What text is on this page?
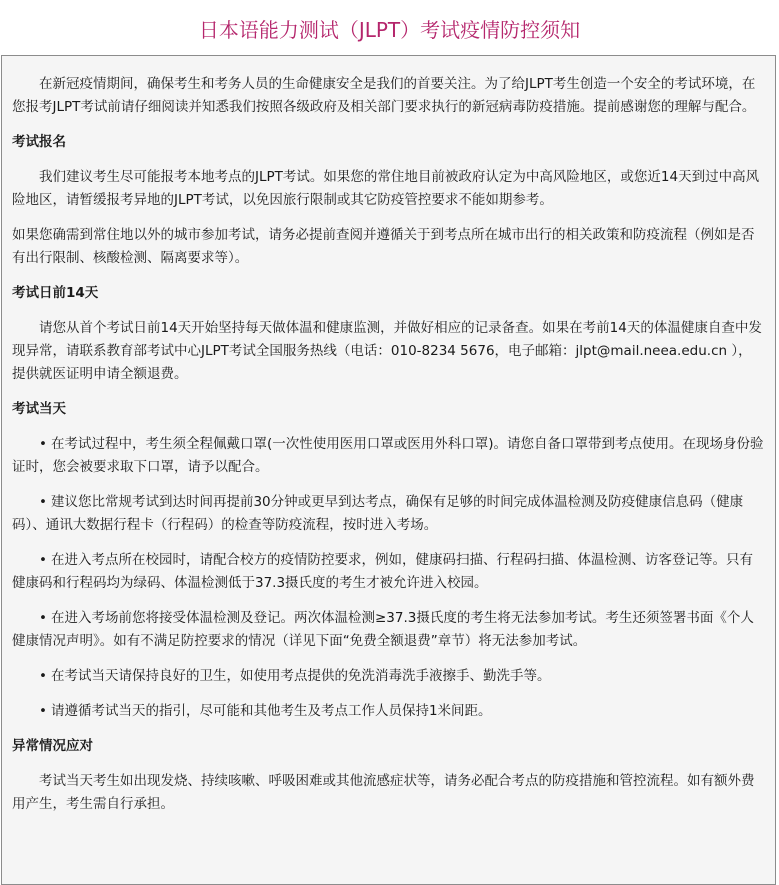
日本语能力测试（JLPT）考试疫情防控须知

在新冠疫情期间，确保考生和考务人员的生命健康安全是我们的首要关注。为了给JLPT考生创造一个安全的考试环境，在您报考JLPT考试前请仔细阅读并知悉我们按照各级政府及相关部门要求执行的新冠病毒防疫措施。提前感谢您的理解与配合。

考试报名

我们建议考生尽可能报考本地考点的JLPT考试。如果您的常住地目前被政府认定为中高风险地区，或您近14天到过中高风险地区，请暂缓报考异地的JLPT考试，以免因旅行限制或其它防疫管控要求不能如期参考。

如果您确需到常住地以外的城市参加考试，请务必提前查阅并遵循关于到考点所在城市出行的相关政策和防疫流程（例如是否有出行限制、核酸检测、隔离要求等）。

考试日前14天

请您从首个考试日前14天开始坚持每天做体温和健康监测，并做好相应的记录备查。如果在考前14天的体温健康自查中发现异常，请联系教育部考试中心JLPT考试全国服务热线（电话：010-8234 5676，电子邮箱：jlpt@mail.neea.edu.cn ），提供就医证明申请全额退费。

考试当天

• 在考试过程中，考生须全程佩戴口罩(一次性使用医用口罩或医用外科口罩)。请您自备口罩带到考点使用。在现场身份验证时，您会被要求取下口罩，请予以配合。

• 建议您比常规考试到达时间再提前30分钟或更早到达考点，确保有足够的时间完成体温检测及防疫健康信息码（健康码）、通讯大数据行程卡（行程码）的检查等防疫流程，按时进入考场。

• 在进入考点所在校园时，请配合校方的疫情防控要求，例如，健康码扫描、行程码扫描、体温检测、访客登记等。只有健康码和行程码均为绿码、体温检测低于37.3摄氏度的考生才被允许进入校园。

• 在进入考场前您将接受体温检测及登记。两次体温检测≥37.3摄氏度的考生将无法参加考试。考生还须签署书面《个人健康情况声明》。如有不满足防控要求的情况（详见下面“免费全额退费”章节）将无法参加考试。

• 在考试当天请保持良好的卫生，如使用考点提供的免洗消毒洗手液擦手、勤洗手等。

• 请遵循考试当天的指引，尽可能和其他考生及考点工作人员保持1米间距。

异常情况应对

考试当天考生如出现发烧、持续咳嗽、呼吸困难或其他流感症状等，请务必配合考点的防疫措施和管控流程。如有额外费用产生，考生需自行承担。
